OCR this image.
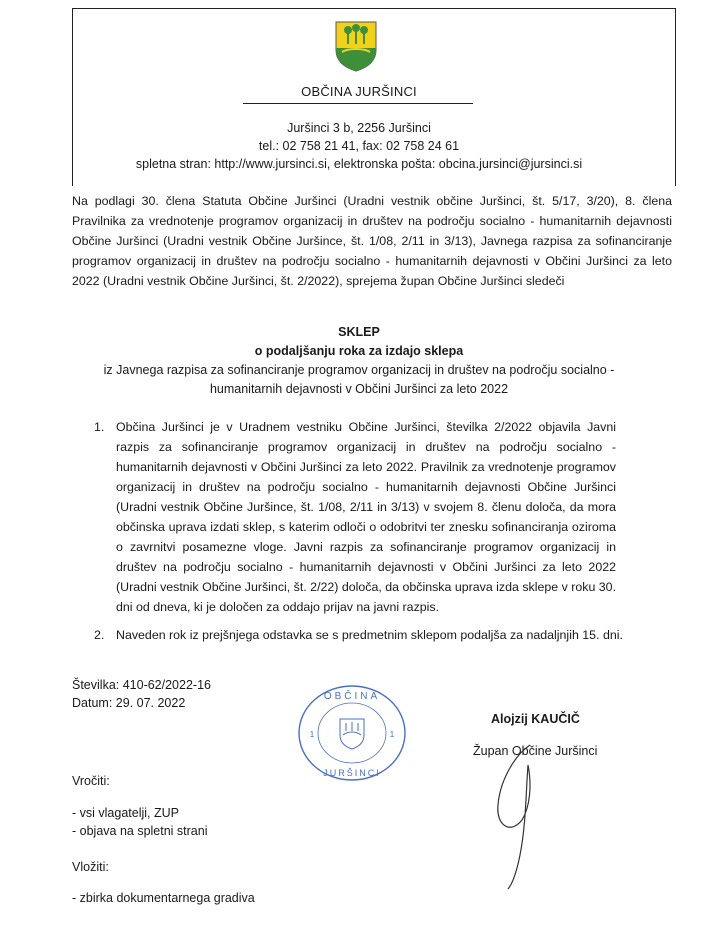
OBČINA JURŠINCI
Juršinci 3 b, 2256 Juršinci
tel.: 02 758 21 41, fax: 02 758 24 61
spletna stran: http://www.jursinci.si, elektronska pošta: obcina.jursinci@jursinci.si
Na podlagi 30. člena Statuta Občine Juršinci (Uradni vestnik občine Juršinci, št. 5/17, 3/20), 8. člena Pravilnika za vrednotenje programov organizacij in društev na področju socialno - humanitarnih dejavnosti Občine Juršinci (Uradni vestnik Občine Juršince, št. 1/08, 2/11 in 3/13), Javnega razpisa za sofinanciranje programov organizacij in društev na področju socialno - humanitarnih dejavnosti v Občini Juršinci za leto 2022 (Uradni vestnik Občine Juršinci, št. 2/2022), sprejema župan Občine Juršinci sledeči
SKLEP
o podaljšanju roka za izdajo sklepa
iz Javnega razpisa za sofinanciranje programov organizacij in društev na področju socialno -
humanitarnih dejavnosti v Občini Juršinci za leto 2022
1. Občina Juršinci je v Uradnem vestniku Občine Juršinci, številka 2/2022 objavila Javni razpis za sofinanciranje programov organizacij in društev na področju socialno - humanitarnih dejavnosti v Občini Juršinci za leto 2022. Pravilnik za vrednotenje programov organizacij in društev na področju socialno - humanitarnih dejavnosti Občine Juršinci (Uradni vestnik Občine Juršince, št. 1/08, 2/11 in 3/13) v svojem 8. členu določa, da mora občinska uprava izdati sklep, s katerim odloči o odobritvi ter znesku sofinanciranja oziroma o zavrnitvi posamezne vloge. Javni razpis za sofinanciranje programov organizacij in društev na področju socialno - humanitarnih dejavnosti v Občini Juršinci za leto 2022 (Uradni vestnik Občine Juršinci, št. 2/22) določa, da občinska uprava izda sklepe v roku 30. dni od dneva, ki je določen za oddajo prijav na javni razpis.
2. Naveden rok iz prejšnjega odstavka se s predmetnim sklepom podaljša za nadaljnjih 15. dni.
Številka: 410-62/2022-16
Datum: 29. 07. 2022	OBČINA
JURŠINCI
1	1
Alojzij KAUČIČ
Župan Občine Juršinci
Vročiti:
- vsi vlagatelji, ZUP
- objava na spletni strani
Vložiti:
- zbirka dokumentarnega gradiva
